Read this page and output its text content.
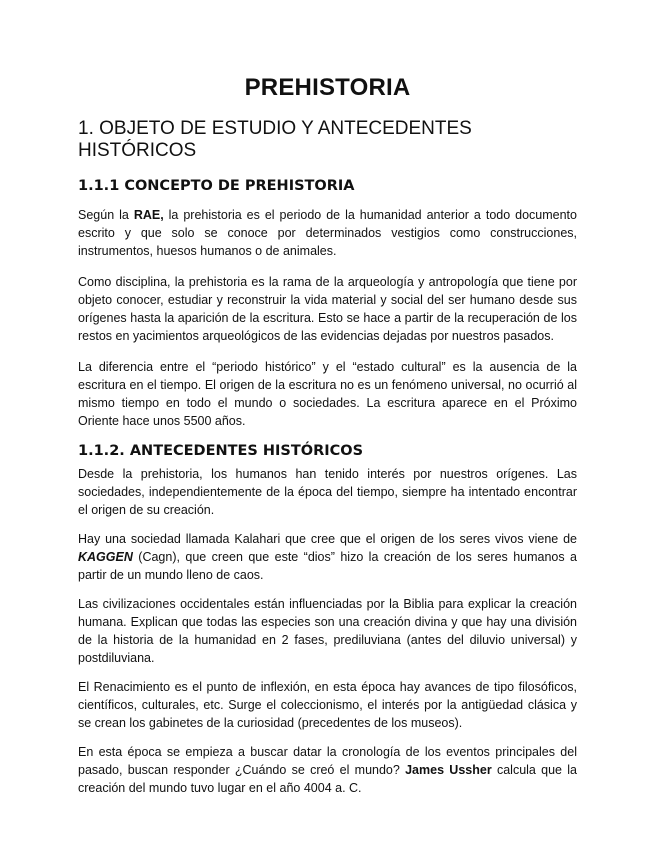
PREHISTORIA
1. OBJETO DE ESTUDIO Y ANTECEDENTES HISTÓRICOS
1.1.1 CONCEPTO DE PREHISTORIA

Según la RAE, la prehistoria es el periodo de la humanidad anterior a todo documento escrito y que solo se conoce por determinados vestigios como construcciones, instrumentos, huesos humanos o de animales.

Como disciplina, la prehistoria es la rama de la arqueología y antropología que tiene por objeto conocer, estudiar y reconstruir la vida material y social del ser humano desde sus orígenes hasta la aparición de la escritura. Esto se hace a partir de la recuperación de los restos en yacimientos arqueológicos de las evidencias dejadas por nuestros pasados.

La diferencia entre el “periodo histórico” y el “estado cultural” es la ausencia de la escritura en el tiempo. El origen de la escritura no es un fenómeno universal, no ocurrió al mismo tiempo en todo el mundo o sociedades. La escritura aparece en el Próximo Oriente hace unos 5500 años.

1.1.2. ANTECEDENTES HISTÓRICOS

Desde la prehistoria, los humanos han tenido interés por nuestros orígenes. Las sociedades, independientemente de la época del tiempo, siempre ha intentado encontrar el origen de su creación.

Hay una sociedad llamada Kalahari que cree que el origen de los seres vivos viene de KAGGEN (Cagn), que creen que este “dios” hizo la creación de los seres humanos a partir de un mundo lleno de caos.

Las civilizaciones occidentales están influenciadas por la Biblia para explicar la creación humana. Explican que todas las especies son una creación divina y que hay una división de la historia de la humanidad en 2 fases, prediluviana (antes del diluvio universal) y postdiluviana.

El Renacimiento es el punto de inflexión, en esta época hay avances de tipo filosóficos, científicos, culturales, etc. Surge el coleccionismo, el interés por la antigüedad clásica y se crean los gabinetes de la curiosidad (precedentes de los museos).

En esta época se empieza a buscar datar la cronología de los eventos principales del pasado, buscan responder ¿Cuándo se creó el mundo? James Ussher calcula que la creación del mundo tuvo lugar en el año 4004 a. C.
